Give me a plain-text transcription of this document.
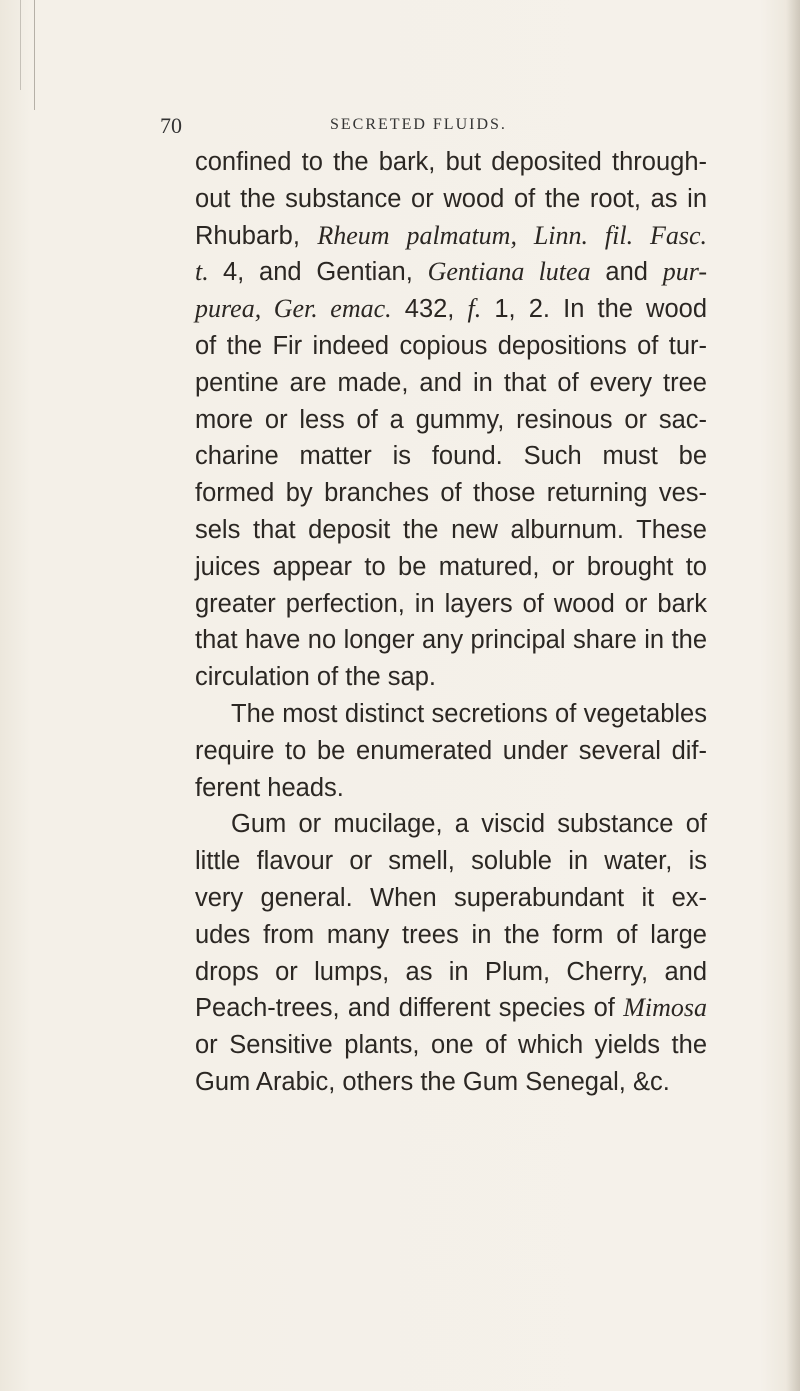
70	SECRETED FLUIDS.
confined to the bark, but deposited through-
out the substance or wood of the root, as in
Rhubarb, Rheum palmatum, Linn. fil. Fasc.
t. 4, and Gentian, Gentiana lutea and pur-
purea, Ger. emac. 432, f. 1, 2. In the wood
of the Fir indeed copious depositions of tur-
pentine are made, and in that of every tree
more or less of a gummy, resinous or sac-
charine matter is found. Such must be
formed by branches of those returning ves-
sels that deposit the new alburnum. These
juices appear to be matured, or brought to
greater perfection, in layers of wood or bark
that have no longer any principal share in the
circulation of the sap.
The most distinct secretions of vegetables
require to be enumerated under several dif-
ferent heads.
Gum or mucilage, a viscid substance of
little flavour or smell, soluble in water, is
very general. When superabundant it ex-
udes from many trees in the form of large
drops or lumps, as in Plum, Cherry, and
Peach-trees, and different species of Mimosa
or Sensitive plants, one of which yields the
Gum Arabic, others the Gum Senegal, &c.
